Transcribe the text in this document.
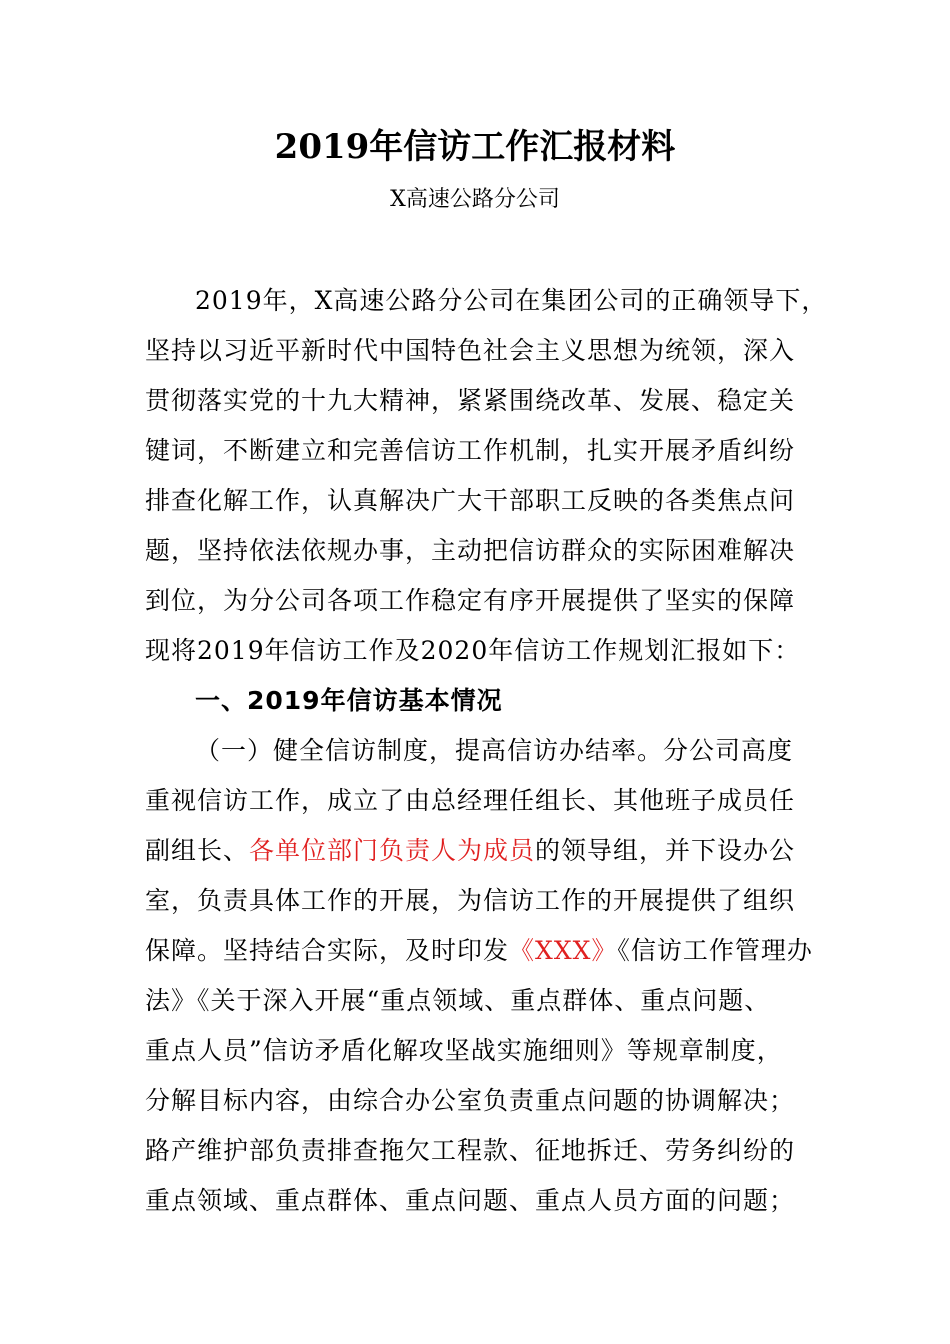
2019年信访工作汇报材料
X高速公路分公司
2019年，X高速公路分公司在集团公司的正确领导下，
坚持以习近平新时代中国特色社会主义思想为统领，深入
贯彻落实党的十九大精神，紧紧围绕改革、发展、稳定关
键词，不断建立和完善信访工作机制，扎实开展矛盾纠纷
排查化解工作，认真解决广大干部职工反映的各类焦点问
题，坚持依法依规办事，主动把信访群众的实际困难解决
到位，为分公司各项工作稳定有序开展提供了坚实的保障
现将2019年信访工作及2020年信访工作规划汇报如下：
一、2019年信访基本情况
（一）健全信访制度，提高信访办结率。分公司高度
重视信访工作，成立了由总经理任组长、其他班子成员任
副组长、各单位部门负责人为成员的领导组，并下设办公
室，负责具体工作的开展，为信访工作的开展提供了组织
保障。坚持结合实际，及时印发《XXX》《信访工作管理办
法》《关于深入开展“重点领域、重点群体、重点问题、
重点人员”信访矛盾化解攻坚战实施细则》等规章制度，
分解目标内容，由综合办公室负责重点问题的协调解决；
路产维护部负责排查拖欠工程款、征地拆迁、劳务纠纷的
重点领域、重点群体、重点问题、重点人员方面的问题；
